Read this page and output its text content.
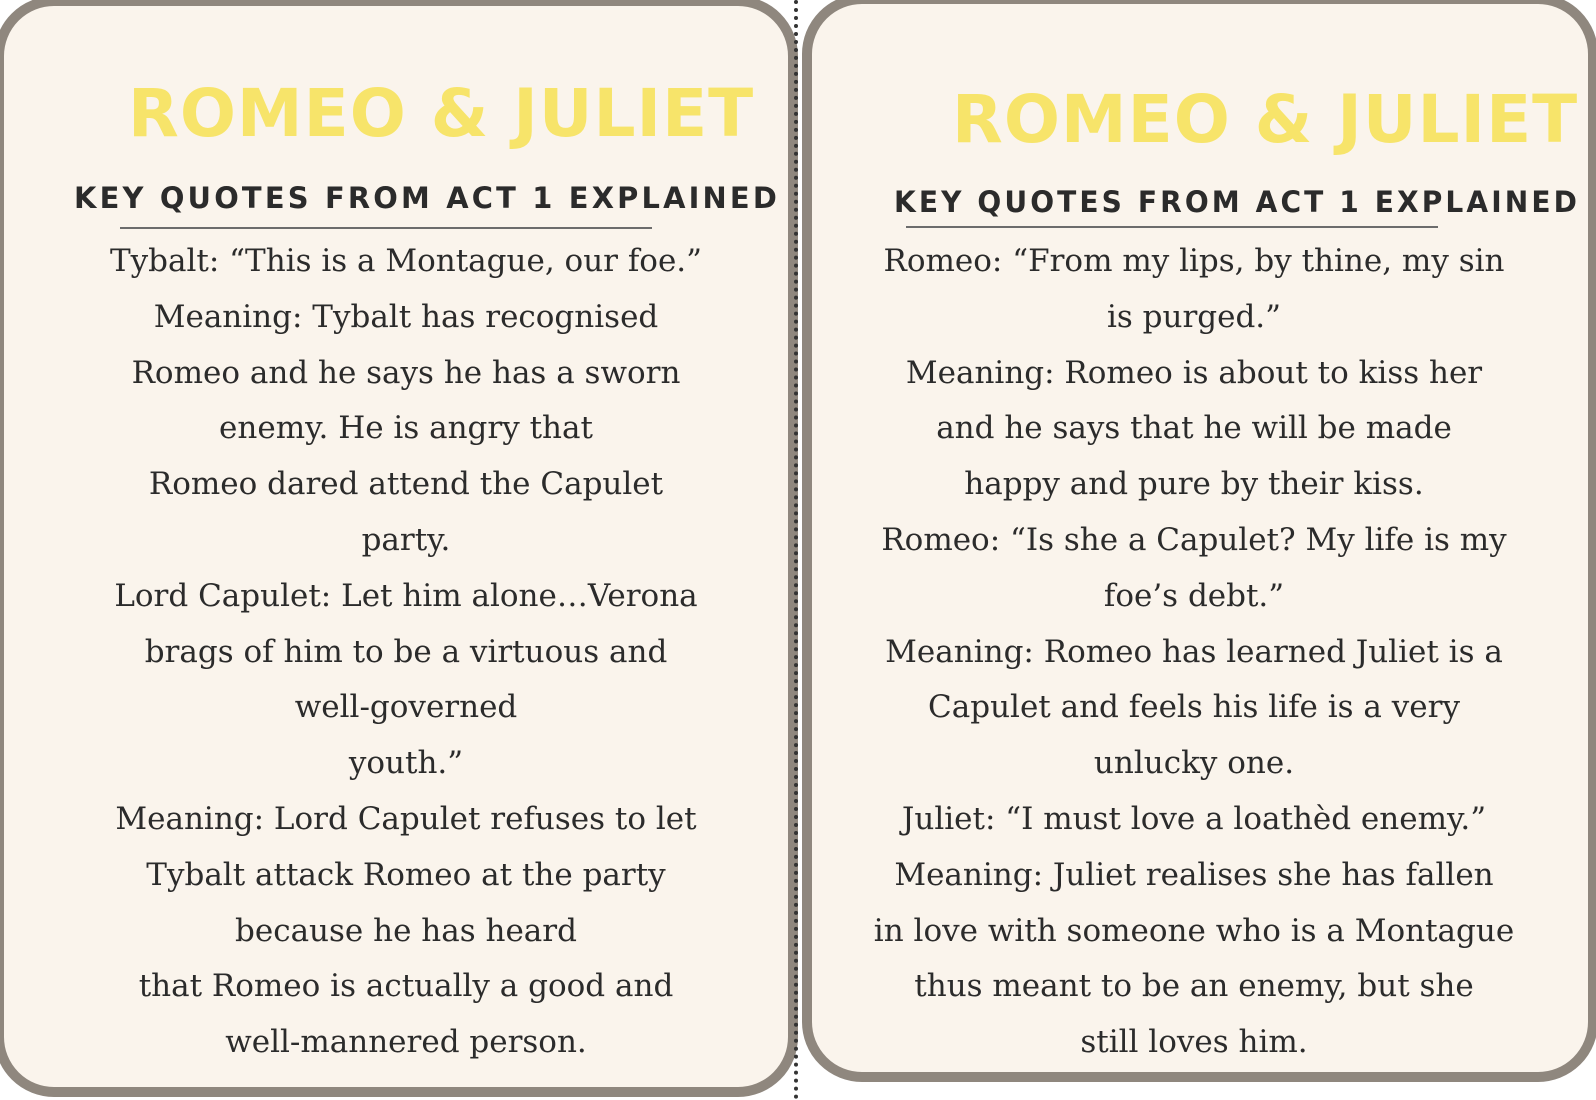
ROMEO & JULIET
KEY QUOTES FROM ACT 1 EXPLAINED
Tybalt: “This is a Montague, our foe.”
Meaning: Tybalt has recognised
Romeo and he says he has a sworn
enemy. He is angry that
Romeo dared attend the Capulet
party.
Lord Capulet: Let him alone…Verona
brags of him to be a virtuous and
well-governed
youth.”
Meaning: Lord Capulet refuses to let
Tybalt attack Romeo at the party
because he has heard
that Romeo is actually a good and
well-mannered person.
ROMEO & JULIET
KEY QUOTES FROM ACT 1 EXPLAINED
Romeo: “From my lips, by thine, my sin
is purged.”
Meaning: Romeo is about to kiss her
and he says that he will be made
happy and pure by their kiss.
Romeo: “Is she a Capulet? My life is my
foe’s debt.”
Meaning: Romeo has learned Juliet is a
Capulet and feels his life is a very
unlucky one.
Juliet: “I must love a loathèd enemy.”
Meaning: Juliet realises she has fallen
in love with someone who is a Montague
thus meant to be an enemy, but she
still loves him.
